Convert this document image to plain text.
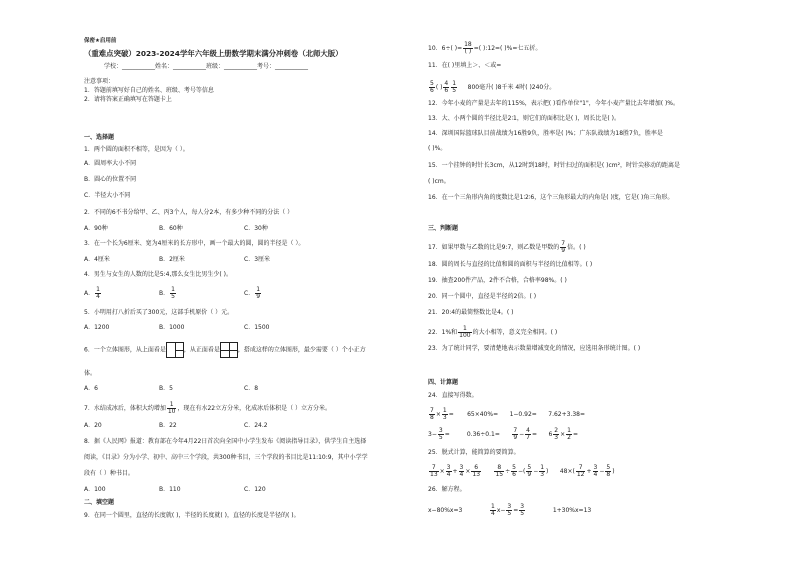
保密★启用前
（重难点突破）2023-2024学年六年级上册数学期末满分冲刺卷（北师大版）
学校：___________姓名：___________班级：___________考号：___________
注意事项：
1．答题前填写好自己的姓名、班级、考号等信息
2．请将答案正确填写在答题卡上
一、选择题
1．两个圆的面积不相等，是因为（ ）。
A．圆周率大小不同
B．圆心的位置不同
C．半径大小不同
2．不同的6不书分给甲、乙、丙3个人，每人分2本，有多少种不同的分法（ ）
A．90种	B．60种	C．30种
3．在一个长为6厘米、宽为4厘米的长方形中，画一个最大的圆，圆的半径是（ ）。
A．4厘米	B．2厘米	C．3厘米
4．男生与女生的人数的比是5:4,那么女生比男生少( )。
A． $\frac{1}{4}$	B． $\frac{1}{5}$	C． $\frac{1}{9}$
5．小明用打八折后买了300元，这部手机原价（ ）元。
A．1200	B．1000	C．1500
6．一个立体图形，从上面看是	，从正面看是	，搭成这样的立体图形，最少需要（ ）个小正方
体。
A．6	B．5	C．8
7．水结成冰后，体积大约增加 $\frac{1}{10}$ ，现在有水22立方分米，化成冰后体积是（ ）立方分米。
A．20	B．22	C．24.2
8．据《人民网》报道：教育部在今年4月22日首次向全国中小学生发布《阅读指导目录》，供学生自主选择
阅读，《目录》分为小学、初中、高中三个学段，共300种书目，三个学段的书目比是11:10:9，其中小学学
段有（ ）种书目。
A．100	B．110	C．120
二、填空题
9．在同一个圆里，直径的长度就( )，半径的长度就( )，直径的长度是半径的( )。
10．6÷( )= $\frac{18}{( )}$ =( ):12=( )%=七五折。
11．在( )里填上＞、＜或=
$\frac{5}{6}$ ( ) $\frac{4}{6} \frac{1}{5} 800$毫升( )8千米 4时( )240分。
12．今年小麦的产量是去年的115%，表示把( )看作单位"1"，今年小麦产量比去年增加( )%。
13．大、小两个圆的半径比是2∶1，则它们的面积比是( )，周长比是( )。
14．深圳国际篮球队目前战绩为16胜9负，胜率是( )%；广东队战绩为18胜7负，胜率是
( )%。
15．一个挂钟的时针长3cm，从12时到18时，时针扫过的面积是( )cm²，时针尖移动的距离是
( )cm。
16．在一个三角形内角的度数比是1∶2∶6，这个三角形最大的内角是( )度，它是( )角三角形。
三、判断题
17．如果甲数与乙数的比是9:7，则乙数是甲数的 $\frac{7}{9}$ 倍。( )
18．圆的周长与直径的比值和圆的面积与半径的比值相等。( )
19．抽查200件产品，2件不合格，合格率98%。( )
20．同一个圆中，直径是半径的2倍。( )
21．20:4的最简整数比是4。( )
22．1%和 $\frac{1}{100}$ 的大小相等，意义完全相同。( )
23．为了统计同学，要清楚地表示数量增减变化的情况，应选用条形统计图。( )
四、计算题
24．直接写得数。
$\frac{7}{8} \times \frac{1}{3}$ =       65×40%= 1−0.92= 7.62+3.38=
$3- \frac{3}{5}$ =         $0.36\div 0.1= \frac{7}{9} - \frac{4}{7}$ =      $6 \frac{2}{3} \times \frac{1}{2}$ =
25．脱式计算，能简算的要简算。
$\frac{7}{13} \times \frac{3}{4} + \frac{3}{4} \times \frac{6}{13}$
$\frac{8}{15} \div \frac{5}{6}$ −( $\frac{5}{9} - \frac{1}{3}$ )      $48\times( \frac{7}{12} + \frac{3}{4} - \frac{5}{8}$ )
26．解方程。
x−80%x=3	$\frac{1}{4} x- \frac{3}{5} = \frac{3}{5}$	1+30%x=13
